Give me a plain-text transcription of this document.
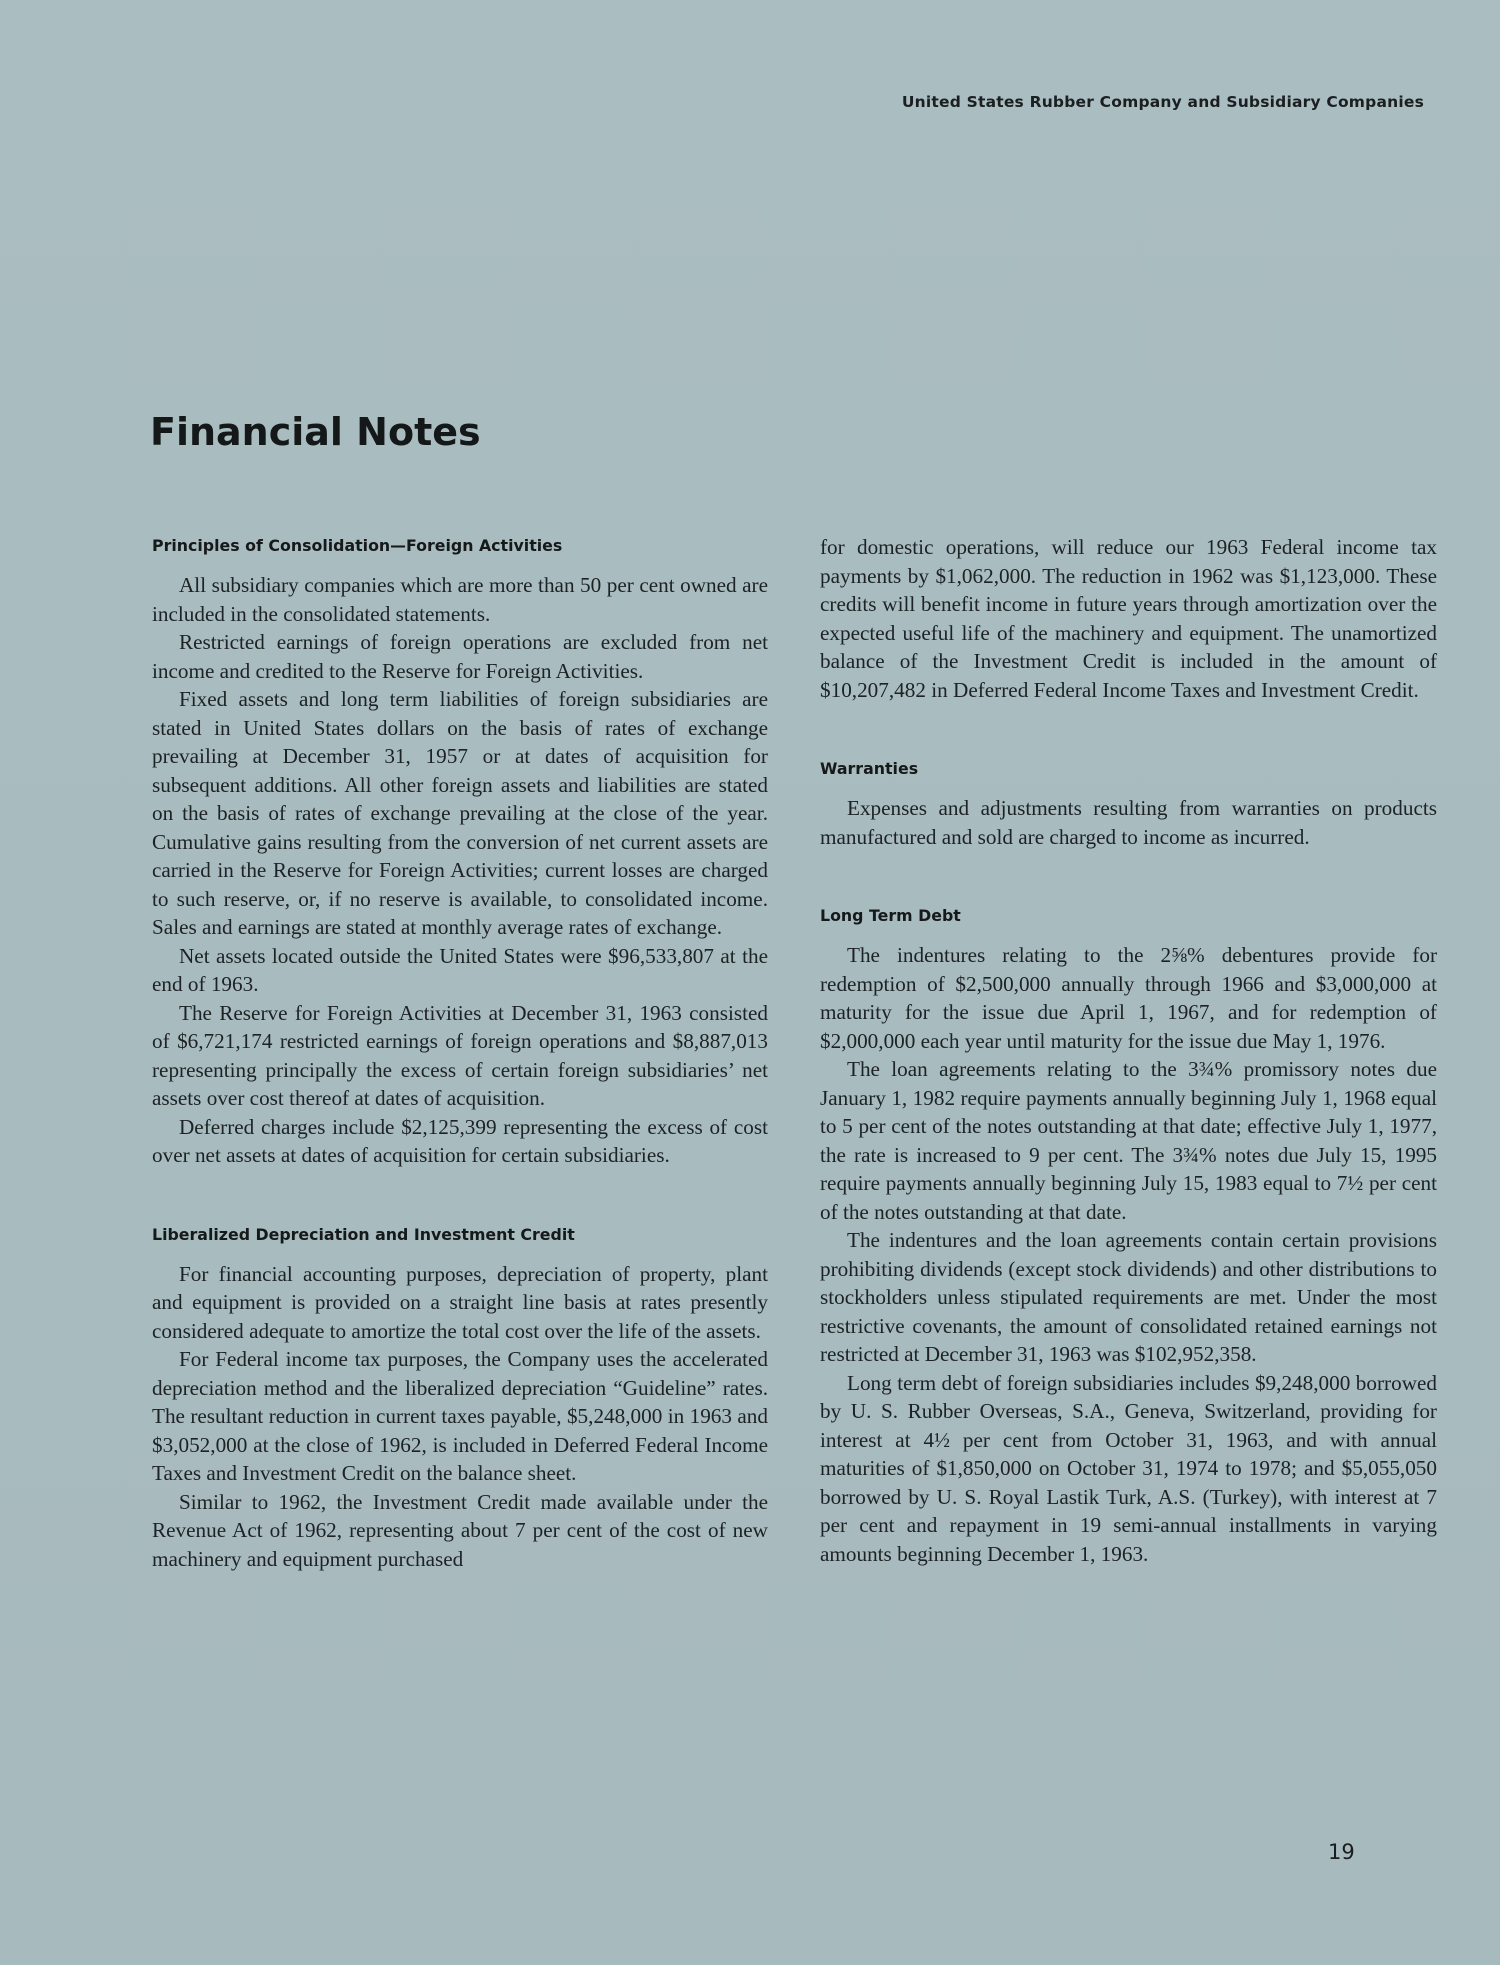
United States Rubber Company and Subsidiary Companies
Financial Notes
Principles of Consolidation—Foreign Activities

All subsidiary companies which are more than 50 per cent owned are included in the consolidated statements.

Restricted earnings of foreign operations are excluded from net income and credited to the Reserve for Foreign Activities.

Fixed assets and long term liabilities of foreign subsidiaries are stated in United States dollars on the basis of rates of exchange prevailing at December 31, 1957 or at dates of acquisition for subsequent additions. All other foreign assets and liabilities are stated on the basis of rates of exchange prevailing at the close of the year. Cumulative gains resulting from the conversion of net current assets are carried in the Reserve for Foreign Activities; current losses are charged to such reserve, or, if no reserve is available, to consolidated income. Sales and earnings are stated at monthly average rates of exchange.

Net assets located outside the United States were $96,533,807 at the end of 1963.

The Reserve for Foreign Activities at December 31, 1963 consisted of $6,721,174 restricted earnings of foreign operations and $8,887,013 representing principally the excess of certain foreign subsidiaries’ net assets over cost thereof at dates of acquisition.

Deferred charges include $2,125,399 representing the excess of cost over net assets at dates of acquisition for certain subsidiaries.

Liberalized Depreciation and Investment Credit

For financial accounting purposes, depreciation of property, plant and equipment is provided on a straight line basis at rates presently considered adequate to amortize the total cost over the life of the assets.

For Federal income tax purposes, the Company uses the accelerated depreciation method and the liberalized depreciation “Guideline” rates. The resultant reduction in current taxes payable, $5,248,000 in 1963 and $3,052,000 at the close of 1962, is included in Deferred Federal Income Taxes and Investment Credit on the balance sheet.

Similar to 1962, the Investment Credit made available under the Revenue Act of 1962, representing about 7 per cent of the cost of new machinery and equipment purchased

for domestic operations, will reduce our 1963 Federal income tax payments by $1,062,000. The reduction in 1962 was $1,123,000. These credits will benefit income in future years through amortization over the expected useful life of the machinery and equipment. The unamortized balance of the Investment Credit is included in the amount of $10,207,482 in Deferred Federal Income Taxes and Investment Credit.

Warranties

Expenses and adjustments resulting from warranties on products manufactured and sold are charged to income as incurred.

Long Term Debt

The indentures relating to the 2⅝% debentures provide for redemption of $2,500,000 annually through 1966 and $3,000,000 at maturity for the issue due April 1, 1967, and for redemption of $2,000,000 each year until maturity for the issue due May 1, 1976.

The loan agreements relating to the 3¾% promissory notes due January 1, 1982 require payments annually beginning July 1, 1968 equal to 5 per cent of the notes outstanding at that date; effective July 1, 1977, the rate is increased to 9 per cent. The 3¾% notes due July 15, 1995 require payments annually beginning July 15, 1983 equal to 7½ per cent of the notes outstanding at that date.

The indentures and the loan agreements contain certain provisions prohibiting dividends (except stock dividends) and other distributions to stockholders unless stipulated requirements are met. Under the most restrictive covenants, the amount of consolidated retained earnings not restricted at December 31, 1963 was $102,952,358.

Long term debt of foreign subsidiaries includes $9,248,000 borrowed by U. S. Rubber Overseas, S.A., Geneva, Switzerland, providing for interest at 4½ per cent from October 31, 1963, and with annual maturities of $1,850,000 on October 31, 1974 to 1978; and $5,055,050 borrowed by U. S. Royal Lastik Turk, A.S. (Turkey), with interest at 7 per cent and repayment in 19 semi-annual installments in varying amounts beginning December 1, 1963.

19
